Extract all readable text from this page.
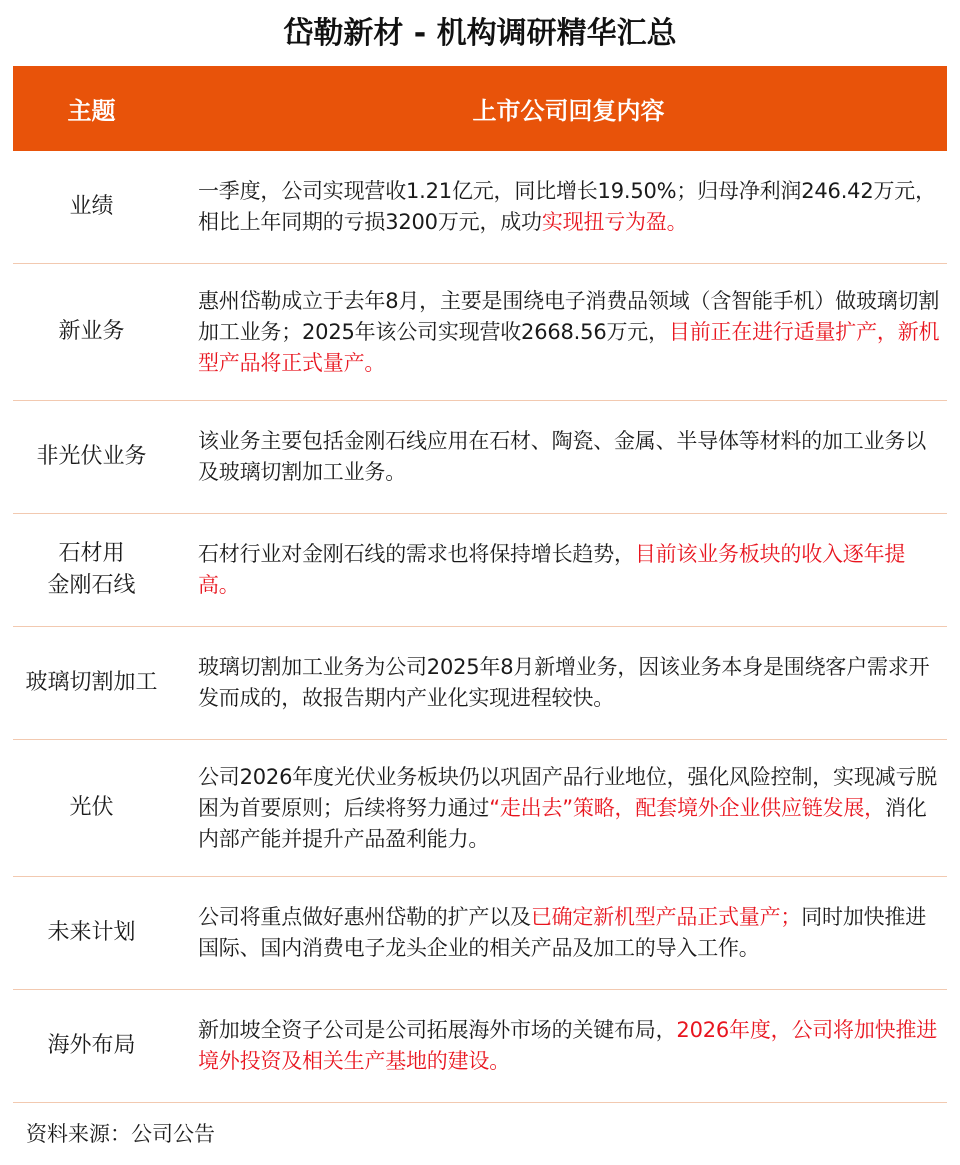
岱勒新材 - 机构调研精华汇总
主题	上市公司回复内容
业绩
一季度，公司实现营收1.21亿元，同比增长19.50%；归母净利润246.42万元，相比上年同期的亏损3200万元，成功实现扭亏为盈。
新业务
惠州岱勒成立于去年8月，主要是围绕电子消费品领域（含智能手机）做玻璃切割加工业务；2025年该公司实现营收2668.56万元，目前正在进行适量扩产，新机型产品将正式量产。
非光伏业务
该业务主要包括金刚石线应用在石材、陶瓷、金属、半导体等材料的加工业务以及玻璃切割加工业务。
石材用
金刚石线
石材行业对金刚石线的需求也将保持增长趋势，目前该业务板块的收入逐年提高。
玻璃切割加工
玻璃切割加工业务为公司2025年8月新增业务，因该业务本身是围绕客户需求开发而成的，故报告期内产业化实现进程较快。
光伏
公司2026年度光伏业务板块仍以巩固产品行业地位，强化风险控制，实现减亏脱困为首要原则；后续将努力通过“走出去”策略，配套境外企业供应链发展，消化内部产能并提升产品盈利能力。
未来计划
公司将重点做好惠州岱勒的扩产以及已确定新机型产品正式量产；同时加快推进国际、国内消费电子龙头企业的相关产品及加工的导入工作。
海外布局
新加坡全资子公司是公司拓展海外市场的关键布局，2026年度，公司将加快推进境外投资及相关生产基地的建设。
资料来源：公司公告
